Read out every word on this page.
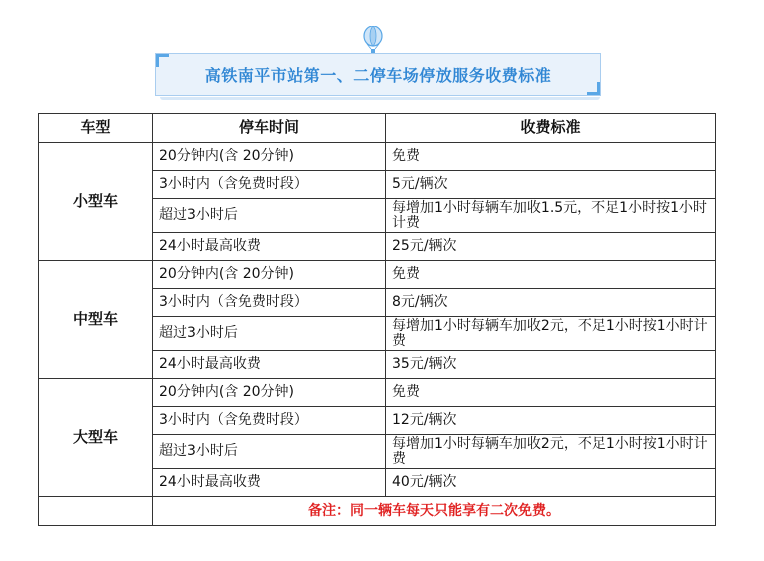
高铁南平市站第一、二停车场停放服务收费标准
车型	停车时间	收费标准
小型车	20分钟内(含 20分钟)	免费
	3小时内（含免费时段）	5元/辆次
	超过3小时后	每增加1小时每辆车加收1.5元，不足1小时按1小时计费
	24小时最高收费	25元/辆次
中型车	20分钟内(含 20分钟)	免费
	3小时内（含免费时段）	8元/辆次
	超过3小时后	每增加1小时每辆车加收2元，不足1小时按1小时计费
	24小时最高收费	35元/辆次
大型车	20分钟内(含 20分钟)	免费
	3小时内（含免费时段）	12元/辆次
	超过3小时后	每增加1小时每辆车加收2元，不足1小时按1小时计费
	24小时最高收费	40元/辆次
	备注：同一辆车每天只能享有二次免费。	
